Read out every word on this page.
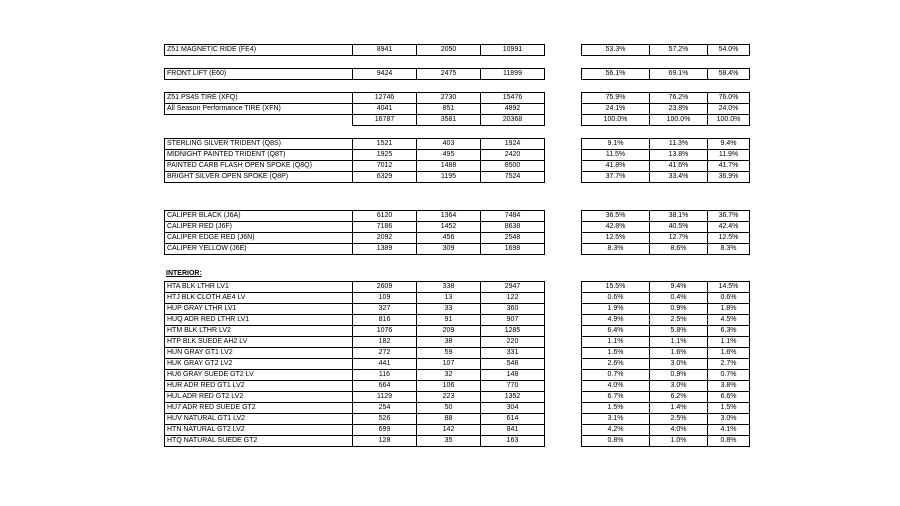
INTERIOR:
Z51 MAGNETIC RIDE (FE4)	8941	2050	10991		53.3%	57.2%	54.0%
FRONT LIFT (E60)	9424	2475	11899		56.1%	69.1%	58.4%
Z51 PS4S TIRE (XFQ)	12746	2730	15476		75.9%	76.2%	76.0%
All Season Performance TIRE (XFN)	4041	851	4892		24.1%	23.8%	24.0%
	16787	3581	20368		100.0%	100.0%	100.0%
STERLING SILVER TRIDENT (Q8S)	1521	403	1924		9.1%	11.3%	9.4%
MIDNIGHT PAINTED TRIDENT (Q8T)	1925	495	2420		11.5%	13.8%	11.9%
PAINTED CARB FLASH OPEN SPOKE (Q8Q)	7012	1488	8500		41.8%	41.6%	41.7%
BRIGHT SILVER OPEN SPOKE (Q8P)	6329	1195	7524		37.7%	33.4%	36.9%
CALIPER BLACK (J6A)	6120	1364	7484		36.5%	38.1%	36.7%
CALIPER RED (J6F)	7186	1452	8638		42.8%	40.5%	42.4%
CALIPER EDGE RED (J6N)	2092	456	2548		12.5%	12.7%	12.5%
CALIPER YELLOW (J6E)	1389	309	1698		8.3%	8.6%	8.3%
HTA BLK LTHR LV1	2609	338	2947		15.5%	9.4%	14.5%
HTJ BLK CLOTH AE4 LV	109	13	122		0.6%	0.4%	0.6%
HUP GRAY LTHR LV1	327	33	360		1.9%	0.9%	1.8%
HUQ ADR RED LTHR LV1	816	91	907		4.9%	2.5%	4.5%
HTM BLK LTHR LV2	1076	209	1285		6.4%	5.8%	6.3%
HTP BLK SUEDE AH2 LV	182	38	220		1.1%	1.1%	1.1%
HUN GRAY GT1 LV2	272	59	331		1.6%	1.6%	1.6%
HUK GRAY GT2 LV2	441	107	548		2.6%	3.0%	2.7%
HU6 GRAY SUEDE GT2 LV	116	32	148		0.7%	0.9%	0.7%
HUR ADR RED GT1 LV2	664	106	770		4.0%	3.0%	3.8%
HUL ADR RED GT2 LV2	1129	223	1352		6.7%	6.2%	6.6%
HU7 ADR RED SUEDE GT2	254	50	304		1.5%	1.4%	1.5%
HUV NATURAL GT1 LV2	526	88	614		3.1%	2.5%	3.0%
HTN NATURAL GT2 LV2	699	142	841		4.2%	4.0%	4.1%
HTQ NATURAL SUEDE GT2	128	35	163		0.8%	1.0%	0.8%
